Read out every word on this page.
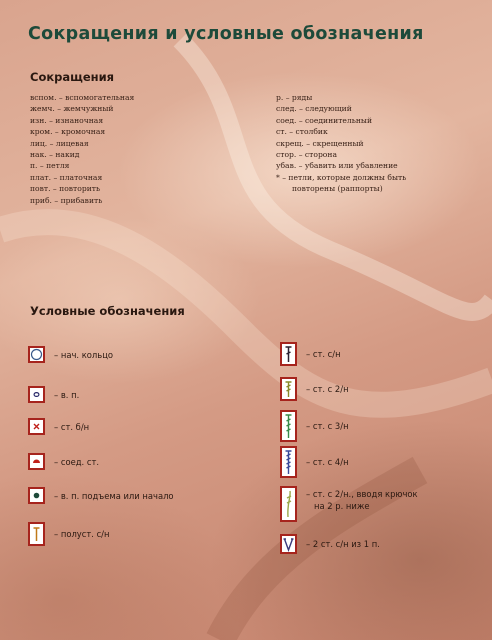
Сокращения и условные обозначения
Сокращения
вспом. – вспомогательная
жемч. – жемчужный
изн. – изнаночная
кром. – кромочная
лиц. – лицевая
нак. – накид
п. – петля
плат. – платочная
повт. – повторить
приб. – прибавить
р. – ряды
след. – следующий
соед. – соединительный
ст. – столбик
скрещ. – скрещенный
стор. – сторона
убав. – убавить или убавление
* – петли, которые должны быть
повторены (раппорты)
Условные обозначения
– нач. кольцо
– в. п.
– ст. б/н
– соед. ст.
– в. п. подъема или начало
– полуст. с/н
– ст. с/н
– ст. с 2/н
– ст. с 3/н
– ст. с 4/н
– ст. с 2/н., вводя крючок
на 2 р. ниже
– 2 ст. с/н из 1 п.
